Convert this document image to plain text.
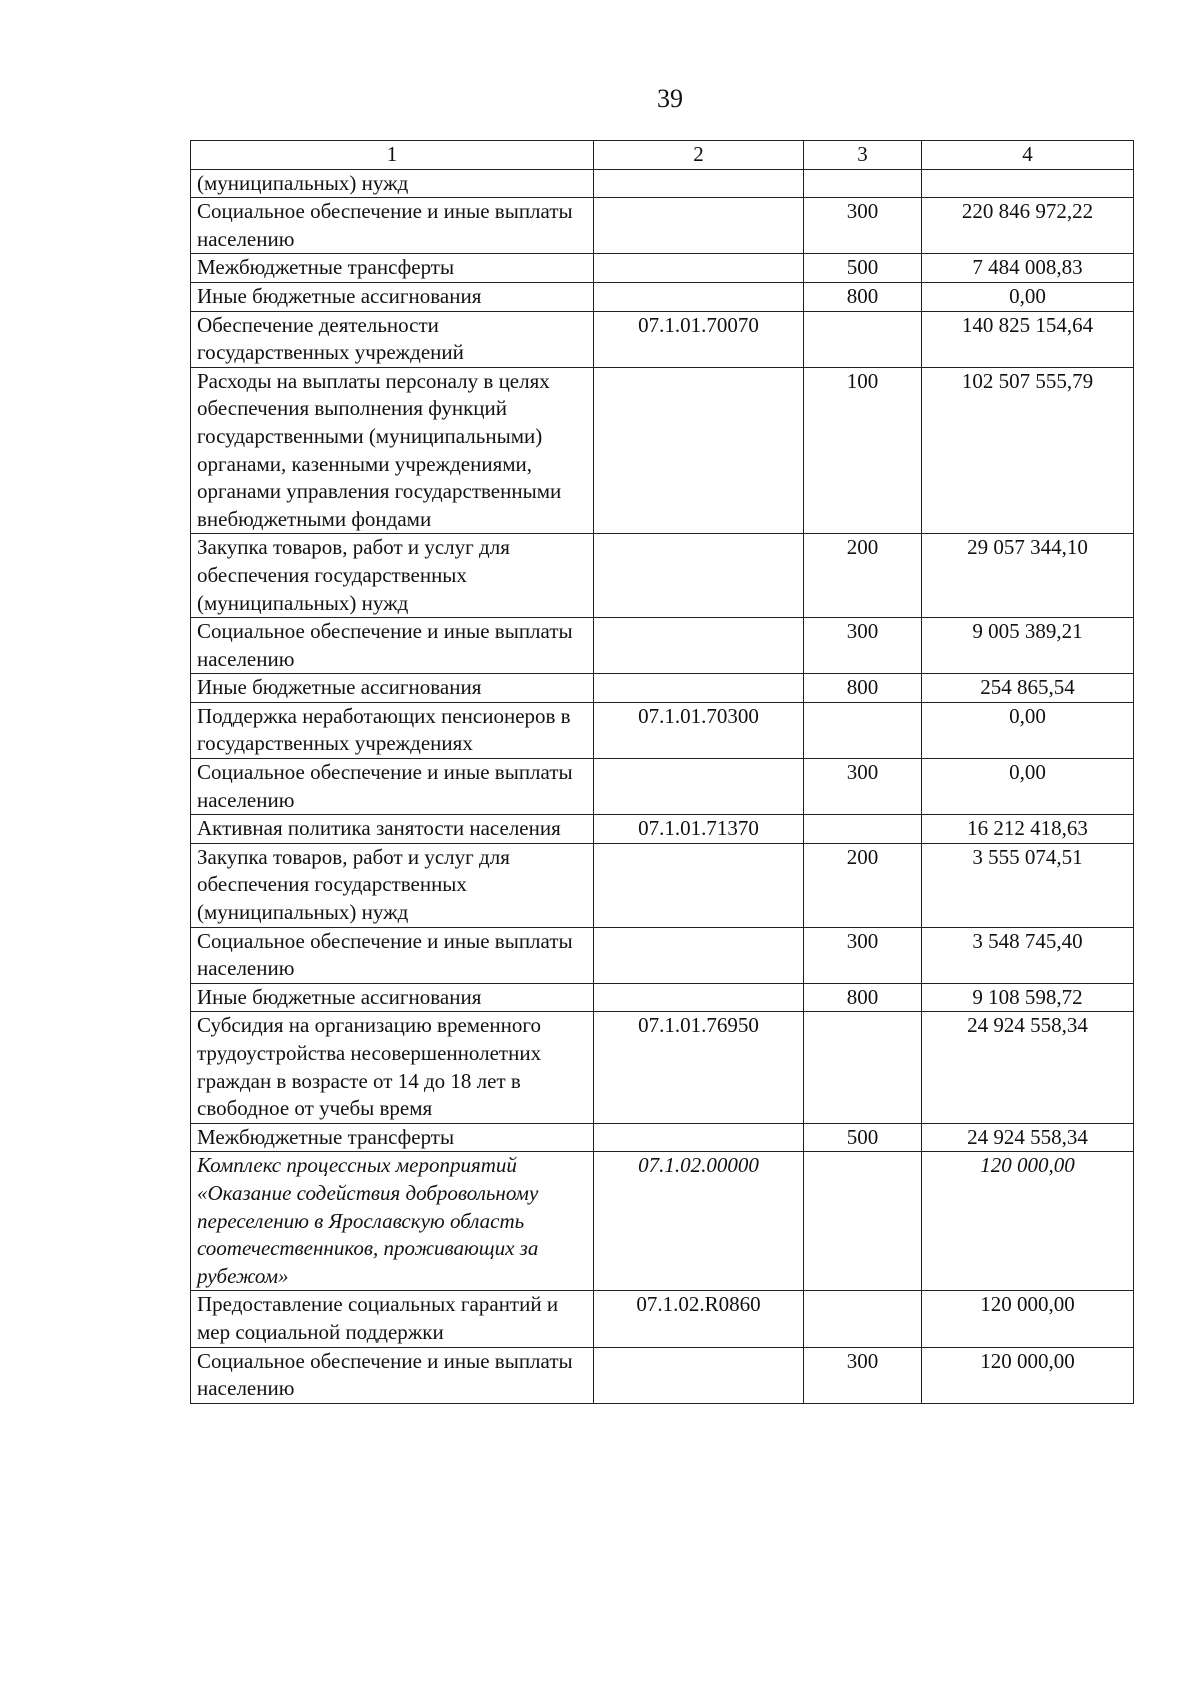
39
1	2	3	4
(муниципальных) нужд			
Социальное обеспечение и иные выплаты населению		300	220 846 972,22
Межбюджетные трансферты		500	7 484 008,83
Иные бюджетные ассигнования		800	0,00
Обеспечение деятельности государственных учреждений	07.1.01.70070		140 825 154,64
Расходы на выплаты персоналу в целях обеспечения выполнения функций государственными (муниципальными) органами, казенными учреждениями, органами управления государственными внебюджетными фондами		100	102 507 555,79
Закупка товаров, работ и услуг для обеспечения государственных (муниципальных) нужд		200	29 057 344,10
Социальное обеспечение и иные выплаты населению		300	9 005 389,21
Иные бюджетные ассигнования		800	254 865,54
Поддержка неработающих пенсионеров в государственных учреждениях	07.1.01.70300		0,00
Социальное обеспечение и иные выплаты населению		300	0,00
Активная политика занятости населения	07.1.01.71370		16 212 418,63
Закупка товаров, работ и услуг для обеспечения государственных (муниципальных) нужд		200	3 555 074,51
Социальное обеспечение и иные выплаты населению		300	3 548 745,40
Иные бюджетные ассигнования		800	9 108 598,72
Субсидия на организацию временного трудоустройства несовершеннолетних граждан в возрасте от 14 до 18 лет в свободное от учебы время	07.1.01.76950		24 924 558,34
Межбюджетные трансферты		500	24 924 558,34
Комплекс процессных мероприятий «Оказание содействия добровольному переселению в Ярославскую область соотечественников, проживающих за рубежом»	07.1.02.00000		120 000,00
Предоставление социальных гарантий и мер социальной поддержки	07.1.02.R0860		120 000,00
Социальное обеспечение и иные выплаты населению		300	120 000,00
